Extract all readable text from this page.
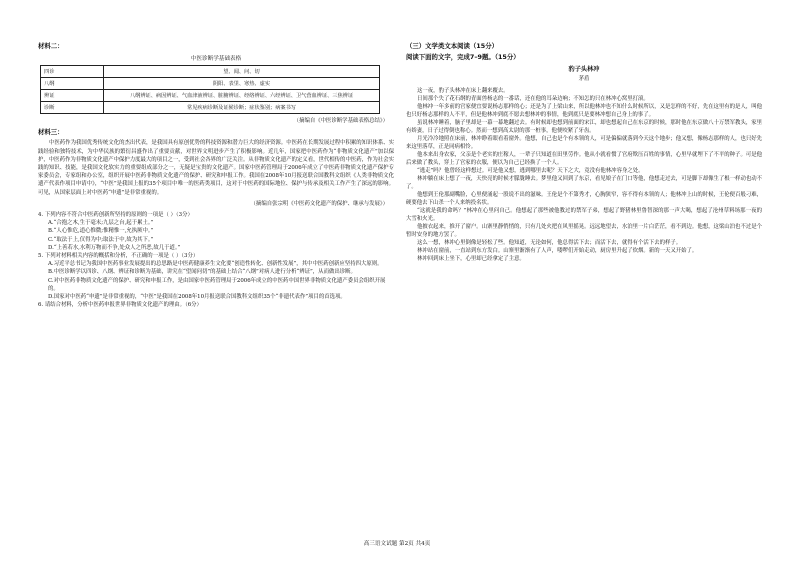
材料二：
中医诊断学基础表格
四诊	望、闻、问、切
八纲	阴阳、表里、寒热、虚实
辨证	八纲辨证、病因辨证、气血津液辨证、脏腑辨证、经络辨证、六经辨证、卫气营血辨证、三焦辨证
诊断	常见疾病诊断及证候诊断；症状鉴别；病案书写
（摘编自《中医诊断学基础表格总结》）
材料三：

中医药作为我国优秀传统文化的杰出代表，是我国具有原创优势的科技资源和潜力巨大的经济资源。中医药在长期发展过程中积累的知识体系、实践经验和独特技术，为中华民族的繁衍昌盛作出了重要贡献，对世界文明进步产生了积极影响。近几年，国家把中医药作为“非物质文化遗产”加以保护，中医药作为非物质文化遗产中保护力度最大的项目之一，受到社会各界的广泛关注。从非物质文化遗产的定义看，世代相传的中医药，作为社会实践的知识、技能，是我国文化软实力的重要组成部分之一，无疑是宝贵的文化遗产。国家中医药管理局于2006年成立了中医药非物质文化遗产保护专家委员会，专家组和办公室，组织开展中医药非物质文化遗产的保护、研究和申报工作。我国在2008年10月报送联合国教科文组织《人类非物质文化遗产代表作项目申请中》，“中医”是我国上报的35个项目中唯一的医药类项目，这对于中医药的国际地位、保护与传承及相关工作产生了深远的影响。可见，从国家层面上对中医药“申遗”是非常重视的。

（摘编自张宗明《中医药文化遗产的保护、继承与发展》）

4. 下列内容不符合中医药创新所坚持的原则的一项是（ ）（3分）

A.“合抱之木,生于毫末;九层之台,起于累土。”

B.“人心惟危,道心惟微;惟精惟一,允执厥中。”

C.“取法于上,仅得为中;取法于中,故为其下。”

D.“上善若水,水利万物而不争,处众人之所恶,故几于道。”

5. 下列对材料相关内容的概括和分析，不正确的一项是（ ）（3分）

A.习近平总书记为我国中医药事业发展提出的总思路是中医药健康养生文化要“创造性转化、创新性发展”，其中中医药创新应坚持四大原则。

B.中医诊断学以四诊、八纲、辨证和诊断为基础，讲究在“望闻问切”的基础上结合“八纲”对病人进行分析“辨证”，从而做出诊断。

C.对中医药非物质文化遗产的保护、研究和申报工作，是由国家中医药管理局于2006年成立的中医药中国世界非物质文化遗产委员会组织开展的。

D.国家对中医药“申遗”是非常重视的，“中医”是我国在2008年10月报送联合国教科文组织35个“非遗代表作”项目的首选项。

6. 请结合材料，分析中医药申报世界非物质文化遗产的理由。（6分）

（三）文学类文本阅读（15分）
阅读下面的文字，完成7–9题。（15分）
豹子头林冲
茅盾

这一夜，豹子头林冲在床上翻来覆去。

日间那个失了花石纲的青面兽杨志的一番话，还在他的耳朵边响；不知怎的只在林冲心窝里打滚。

他林冲一年多前的官家便宜要说杨志那样的心；还是为了上梁山来，所以他林冲也不知什么时候所以，又是怎样的不好，先在这里有的是人，叫他也只好杨志那样的人不平，但是他林冲到底不愿去想林冲的事情，他到底只是要林冲想自己身上的事了。

虽说林冲睡着，脑子里却是一幕一幕地翻过去。有时候却也想到前面的宋江，却也想起自己在东京的时候，那时他在东京做八十万禁军教头，家里有娇妻，日子过得倒也称心。然而一想到高太尉的那一桩事，他便咬紧了牙齿。

月光冷冷地照在床前，林冲睁着眼看着窗外。他想，自己也是个有本领的人，可是偏偏就落到今天这个地步；他又想，像杨志那样的人，也只好先来这里落草，正是同病相怜。

他本来出身农家，父亲是个老实的庄稼人，一辈子只知道在田里劳作。他从小就看惯了官府欺压百姓的事情，心里早就埋下了不平的种子。可是他后来做了教头，穿上了官家的衣服，便以为自己已经换了一个人。

“逃走”吗？他曾经这样想过。可是他又想，逃到哪里去呢？天下之大，竟没有他林冲容身之处。

林冲躺在床上想了一夜，天快亮的时候才朦胧睡去。梦里他又回到了东京，看见娘子在门口等他，他想走过去，可是脚下却像生了根一样动也动不了。

他想到王伦那副嘴脸，心里便涌起一股说不出的滋味。王伦是个不第秀才，心胸狭窄，容不得有本领的人；他林冲上山的时候，王伦便百般刁难，硬要他去下山杀一个人来纳投名状。

“这就是我的命吗？”林冲在心里问自己。他想起了那些被他教过的禁军子弟，想起了野猪林里鲁智深的那一声大喝，想起了沧州草料场那一夜的大雪和火光。

他披衣起来，推开了窗户。山寨里静悄悄的，只有几处火把在风里摇晃。远远地望去，水泊里一片白茫茫，看不到边。他想，这梁山泊也不过是个暂时安身的地方罢了。

这么一想，林冲心里倒像是轻松了些。他知道，无论如何，他总得活下去；而活下去，就得有个活下去的样子。

林冲站在窗前，一直站到东方发白。山寨里渐渐有了人声，喽啰们开始走动，厨房里升起了炊烟。新的一天又开始了。

林冲回到床上坐下，心里却已经拿定了主意。

高三语文试题 第2页 共4页
